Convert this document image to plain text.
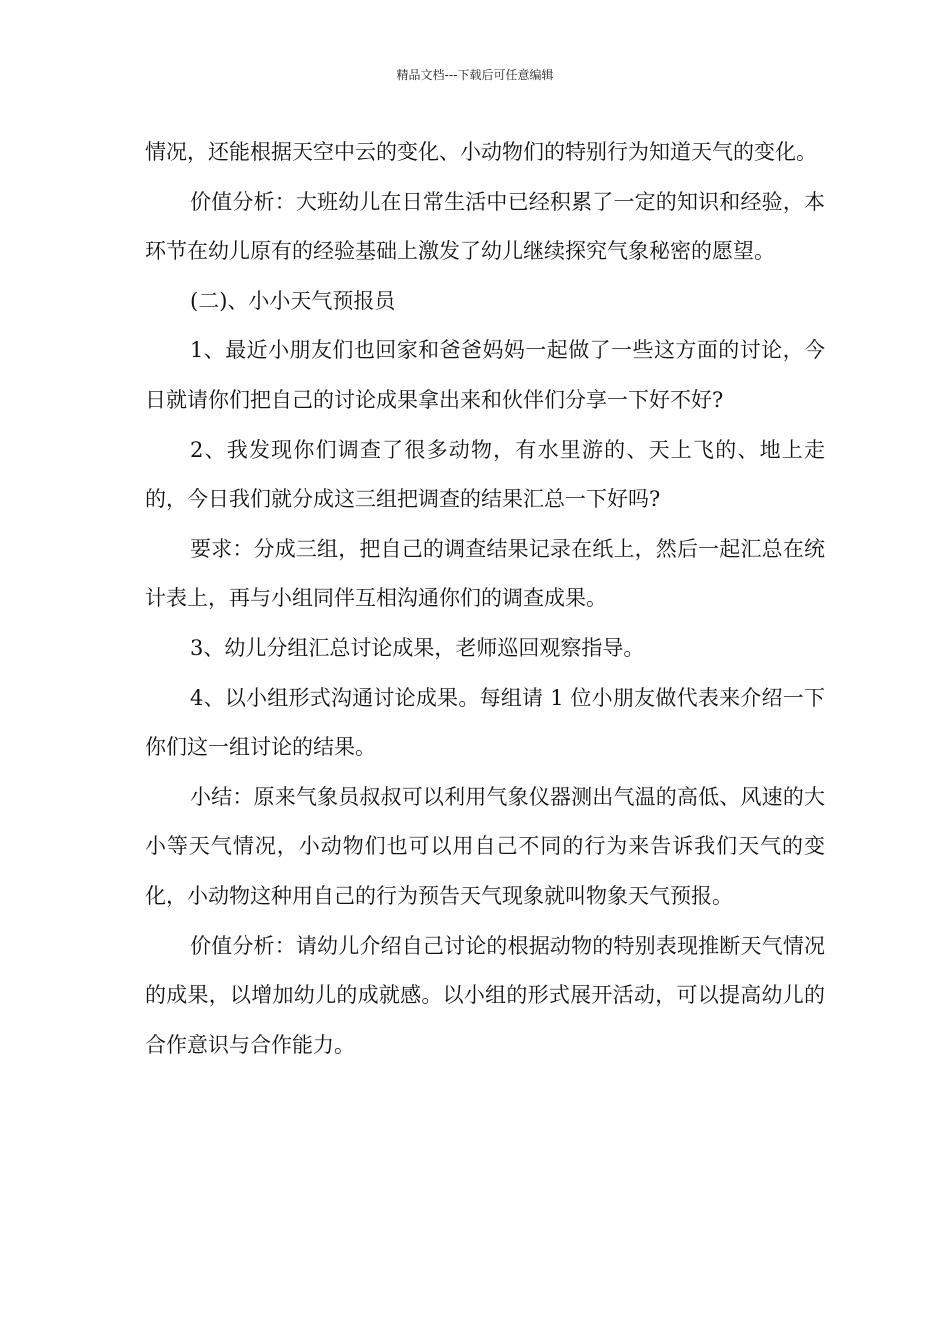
精品文档---下载后可任意编辑

情况，还能根据天空中云的变化、小动物们的特别行为知道天气的变化。

价值分析：大班幼儿在日常生活中已经积累了一定的知识和经验，本环节在幼儿原有的经验基础上激发了幼儿继续探究气象秘密的愿望。

(二)、小小天气预报员

1、最近小朋友们也回家和爸爸妈妈一起做了一些这方面的讨论，今日就请你们把自己的讨论成果拿出来和伙伴们分享一下好不好?

2、我发现你们调查了很多动物，有水里游的、天上飞的、地上走的，今日我们就分成这三组把调查的结果汇总一下好吗?

要求：分成三组，把自己的调查结果记录在纸上，然后一起汇总在统计表上，再与小组同伴互相沟通你们的调查成果。

3、幼儿分组汇总讨论成果，老师巡回观察指导。

4、以小组形式沟通讨论成果。每组请 1 位小朋友做代表来介绍一下你们这一组讨论的结果。

小结：原来气象员叔叔可以利用气象仪器测出气温的高低、风速的大小等天气情况，小动物们也可以用自己不同的行为来告诉我们天气的变化，小动物这种用自己的行为预告天气现象就叫物象天气预报。

价值分析：请幼儿介绍自己讨论的根据动物的特别表现推断天气情况的成果，以增加幼儿的成就感。以小组的形式展开活动，可以提高幼儿的合作意识与合作能力。
